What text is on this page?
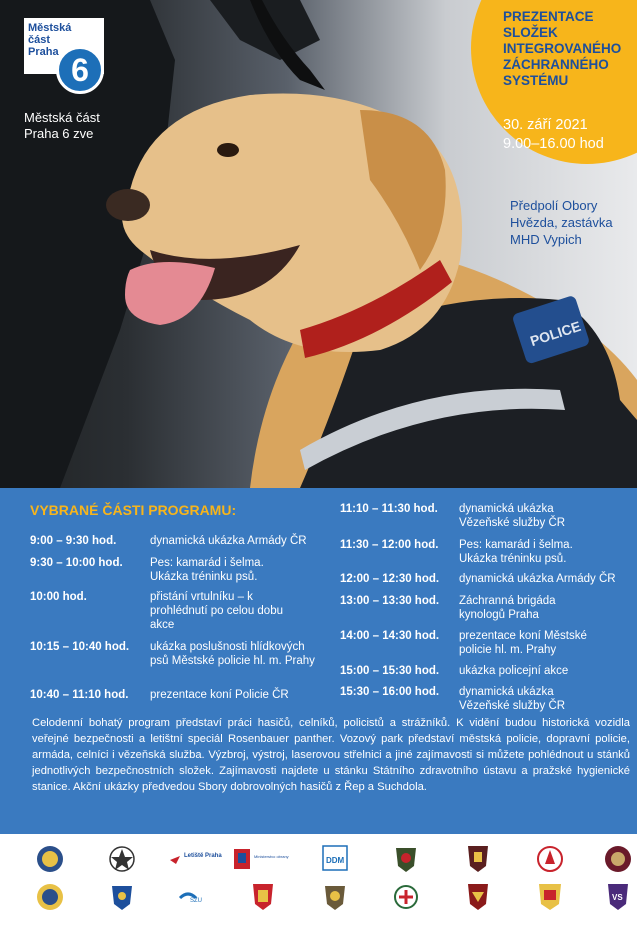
POLICE
Městská
část
Praha 6
Městská část
Praha 6 zve
PREZENTACE
SLOŽEK
INTEGROVANÉHO
ZÁCHRANNÉHO
SYSTÉMU
30. září 2021
9.00–16.00 hod
Předpolí Obory
Hvězda, zastávka
MHD Vypich
VYBRANÉ ČÁSTI PROGRAMU:
9:00 – 9:30 hod.	dynamická ukázka Armády ČR
9:30 – 10:00 hod. Pes: kamarád i šelma. Ukázka tréninku psů.
10:00 hod.	přistání vrtulníku – k prohlédnutí po celou dobu akce
10:15 – 10:40 hod. ukázka poslušnosti hlídkových psů Městské policie hl. m. Prahy
10:40 – 11:10 hod. prezentace koní Policie ČR
11:10 – 11:30 hod. dynamická ukázka Vězeňské služby ČR
11:30 – 12:00 hod. Pes: kamarád i šelma. Ukázka tréninku psů.
12:00 – 12:30 hod. dynamická ukázka Armády ČR
13:00 – 13:30 hod. Záchranná brigáda kynologů Praha
14:00 – 14:30 hod. prezentace koní Městské policie hl. m. Prahy
15:00 – 15:30 hod. ukázka policejní akce
15:30 – 16:00 hod. dynamická ukázka Vězeňské služby ČR
Celodenní bohatý program představí práci hasičů, celníků, policistů a strážníků. K vidění budou historická vozidla veřejné bezpečnosti a letištní speciál Rosenbauer panther. Vozový park představí městská policie, dopravní policie, armáda, celníci i vězeňská služba. Výzbroj, výstroj, laserovou střelnici a jiné zajímavosti si můžete pohlédnout u stánků jednotlivých bezpečnostních složek. Zajímavosti najdete u stánku Státního zdravotního ústavu a pražské hygienické stanice. Akční ukázky předvedou Sbory dobrovolných hasičů z Řep a Suchdola.
Letiště Praha	Ministerstvo obrany	DDM
SZU	VS
